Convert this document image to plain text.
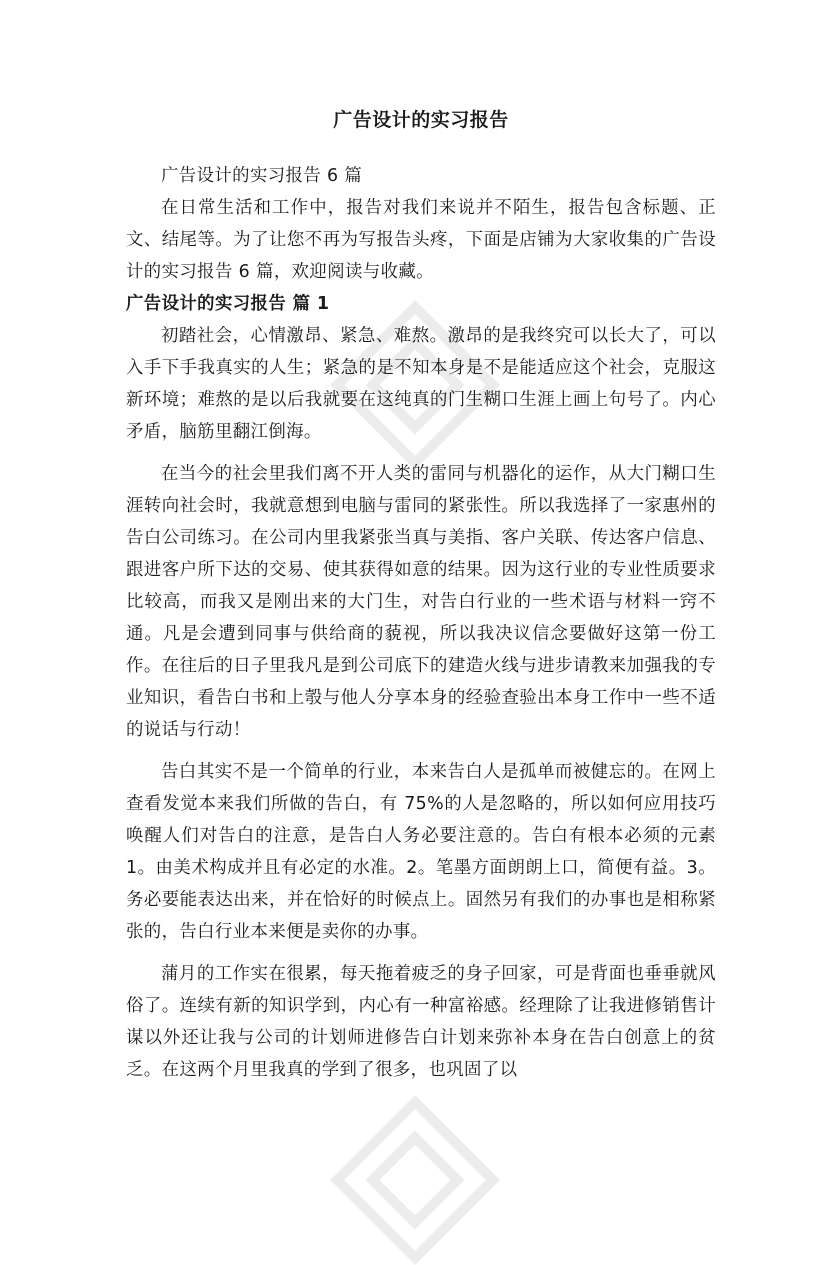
广告设计的实习报告

广告设计的实习报告 6 篇

在日常生活和工作中，报告对我们来说并不陌生，报告包含标题、正文、结尾等。为了让您不再为写报告头疼，下面是店铺为大家收集的广告设计的实习报告 6 篇，欢迎阅读与收藏。

广告设计的实习报告 篇 1

初踏社会，心情激昂、紧急、难熬。激昂的是我终究可以长大了，可以入手下手我真实的人生；紧急的是不知本身是不是能适应这个社会，克服这新环境；难熬的是以后我就要在这纯真的门生糊口生涯上画上句号了。内心矛盾，脑筋里翻江倒海。

在当今的社会里我们离不开人类的雷同与机器化的运作，从大门糊口生涯转向社会时，我就意想到电脑与雷同的紧张性。所以我选择了一家惠州的告白公司练习。在公司内里我紧张当真与美指、客户关联、传达客户信息、跟进客户所下达的交易、使其获得如意的结果。因为这行业的专业性质要求比较高，而我又是刚出来的大门生，对告白行业的一些术语与材料一窍不通。凡是会遭到同事与供给商的藐视，所以我决议信念要做好这第一份工作。在往后的日子里我凡是到公司底下的建造火线与进步请教来加强我的专业知识，看告白书和上彀与他人分享本身的经验查验出本身工作中一些不适的说话与行动！

告白其实不是一个简单的行业，本来告白人是孤单而被健忘的。在网上查看发觉本来我们所做的告白，有 75%的人是忽略的，所以如何应用技巧唤醒人们对告白的注意，是告白人务必要注意的。告白有根本必须的元素 1。由美术构成并且有必定的水准。2。笔墨方面朗朗上口，简便有益。3。务必要能表达出来，并在恰好的时候点上。固然另有我们的办事也是相称紧张的，告白行业本来便是卖你的办事。

蒲月的工作实在很累，每天拖着疲乏的身子回家，可是背面也垂垂就风俗了。连续有新的知识学到，内心有一种富裕感。经理除了让我进修销售计谋以外还让我与公司的计划师进修告白计划来弥补本身在告白创意上的贫乏。在这两个月里我真的学到了很多，也巩固了以
